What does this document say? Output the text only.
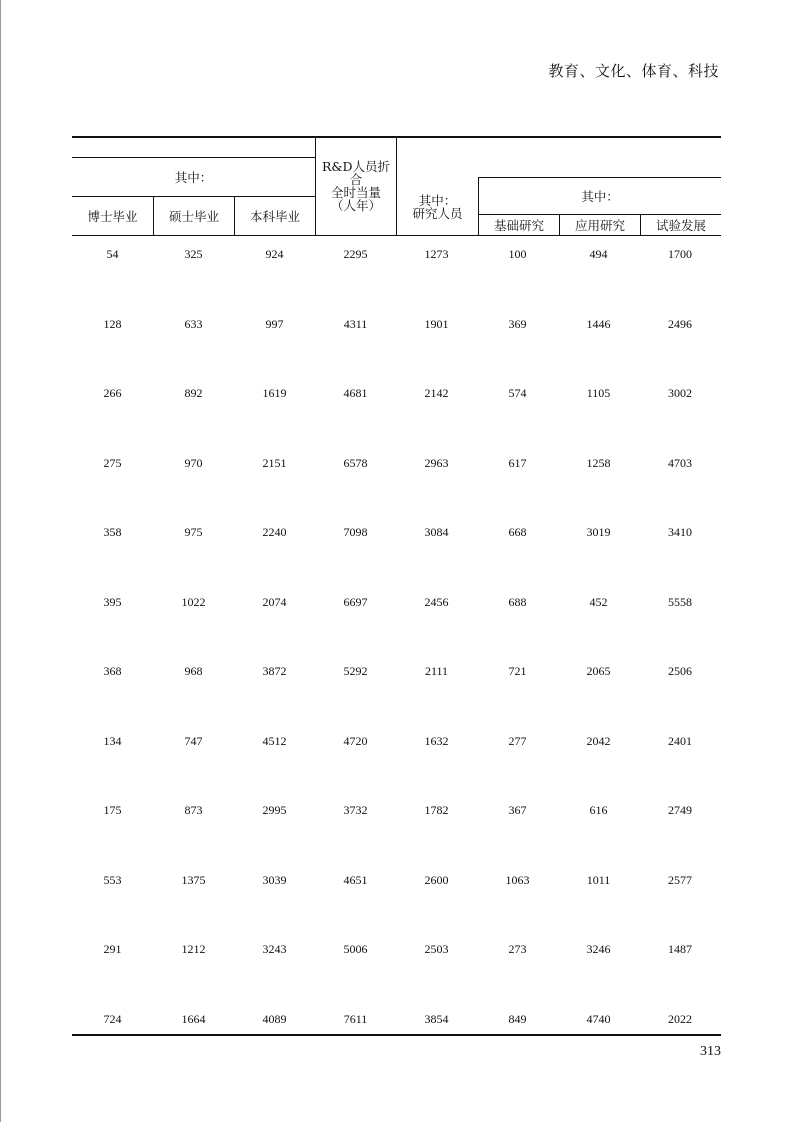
教育、文化、体育、科技
其中：
博士毕业	硕士毕业	本科毕业
R&D人员折合
全时当量
（人年）	其中：
研究人员
其中：
基础研究	应用研究	试验发展
54	325	924	2295	1273	100	494	1700
128	633	997	4311	1901	369	1446	2496
266	892	1619	4681	2142	574	1105	3002
275	970	2151	6578	2963	617	1258	4703
358	975	2240	7098	3084	668	3019	3410
395	1022	2074	6697	2456	688	452	5558
368	968	3872	5292	2111	721	2065	2506
134	747	4512	4720	1632	277	2042	2401
175	873	2995	3732	1782	367	616	2749
553	1375	3039	4651	2600	1063	1011	2577
291	1212	3243	5006	2503	273	3246	1487
724	1664	4089	7611	3854	849	4740	2022
313
